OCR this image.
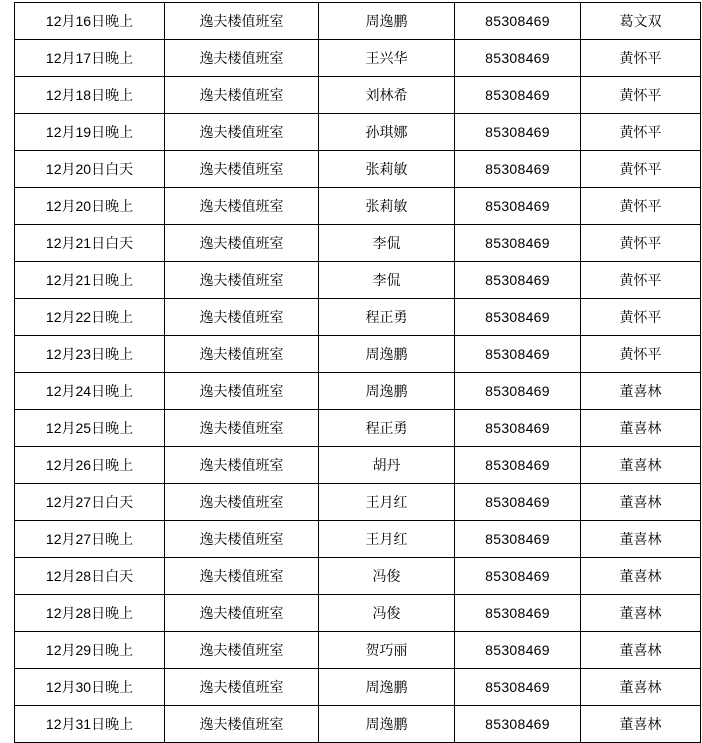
12月16日晚上	逸夫楼值班室	周逸鹏	85308469	葛文双
12月17日晚上	逸夫楼值班室	王兴华	85308469	黄怀平
12月18日晚上	逸夫楼值班室	刘林希	85308469	黄怀平
12月19日晚上	逸夫楼值班室	孙琪娜	85308469	黄怀平
12月20日白天	逸夫楼值班室	张莉敏	85308469	黄怀平
12月20日晚上	逸夫楼值班室	张莉敏	85308469	黄怀平
12月21日白天	逸夫楼值班室	李侃	85308469	黄怀平
12月21日晚上	逸夫楼值班室	李侃	85308469	黄怀平
12月22日晚上	逸夫楼值班室	程正勇	85308469	黄怀平
12月23日晚上	逸夫楼值班室	周逸鹏	85308469	黄怀平
12月24日晚上	逸夫楼值班室	周逸鹏	85308469	董喜林
12月25日晚上	逸夫楼值班室	程正勇	85308469	董喜林
12月26日晚上	逸夫楼值班室	胡丹	85308469	董喜林
12月27日白天	逸夫楼值班室	王月红	85308469	董喜林
12月27日晚上	逸夫楼值班室	王月红	85308469	董喜林
12月28日白天	逸夫楼值班室	冯俊	85308469	董喜林
12月28日晚上	逸夫楼值班室	冯俊	85308469	董喜林
12月29日晚上	逸夫楼值班室	贺巧丽	85308469	董喜林
12月30日晚上	逸夫楼值班室	周逸鹏	85308469	董喜林
12月31日晚上	逸夫楼值班室	周逸鹏	85308469	董喜林
